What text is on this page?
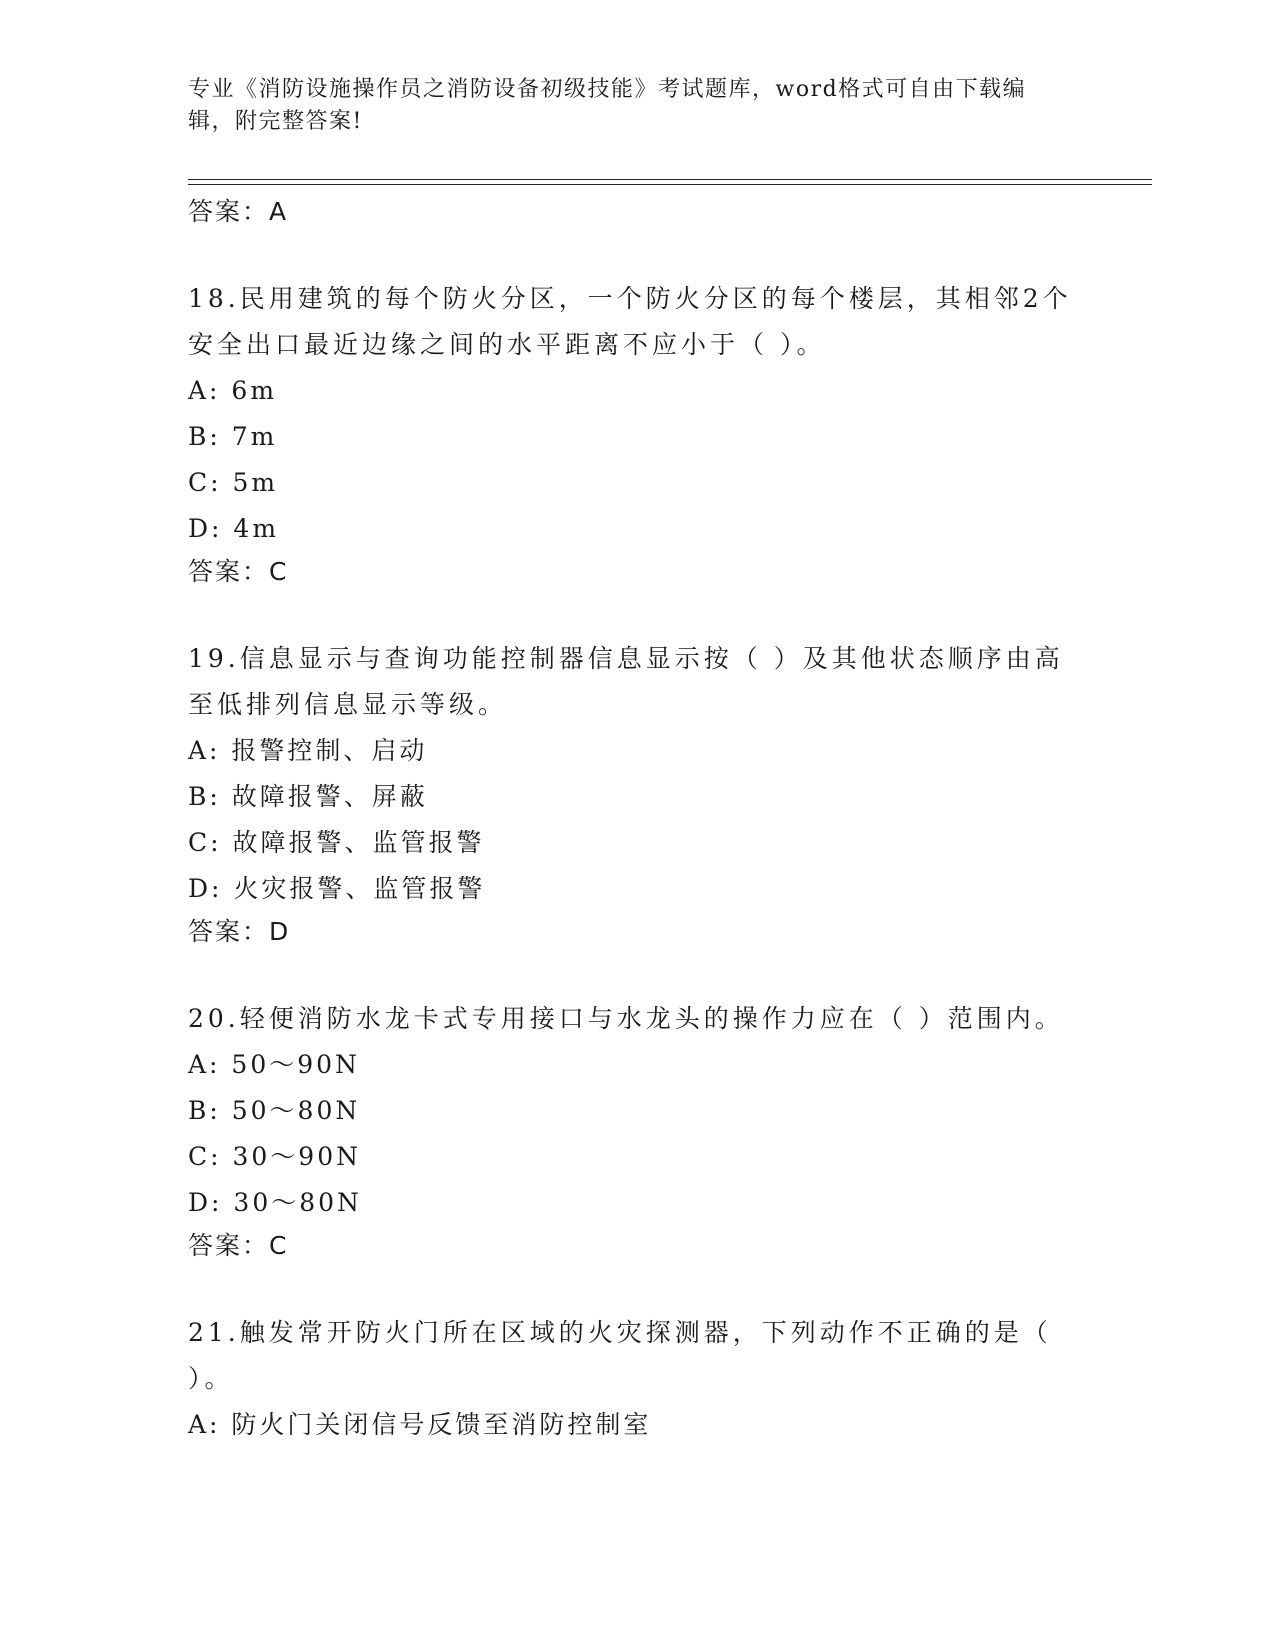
专业《消防设施操作员之消防设备初级技能》考试题库，word格式可自由下载编
辑，附完整答案!
答案：A

18.民用建筑的每个防火分区，一个防火分区的每个楼层，其相邻2个
安全出口最近边缘之间的水平距离不应小于（ ）。

A: 6m

B: 7m

C: 5m

D: 4m

答案：C

19.信息显示与查询功能控制器信息显示按（ ）及其他状态顺序由高
至低排列信息显示等级。

A: 报警控制、启动

B: 故障报警、屏蔽

C: 故障报警、监管报警

D: 火灾报警、监管报警

答案：D

20.轻便消防水龙卡式专用接口与水龙头的操作力应在（ ）范围内。

A: 50～90N

B: 50～80N

C: 30～90N

D: 30～80N

答案：C

21.触发常开防火门所在区域的火灾探测器，下列动作不正确的是（
）。

A: 防火门关闭信号反馈至消防控制室
